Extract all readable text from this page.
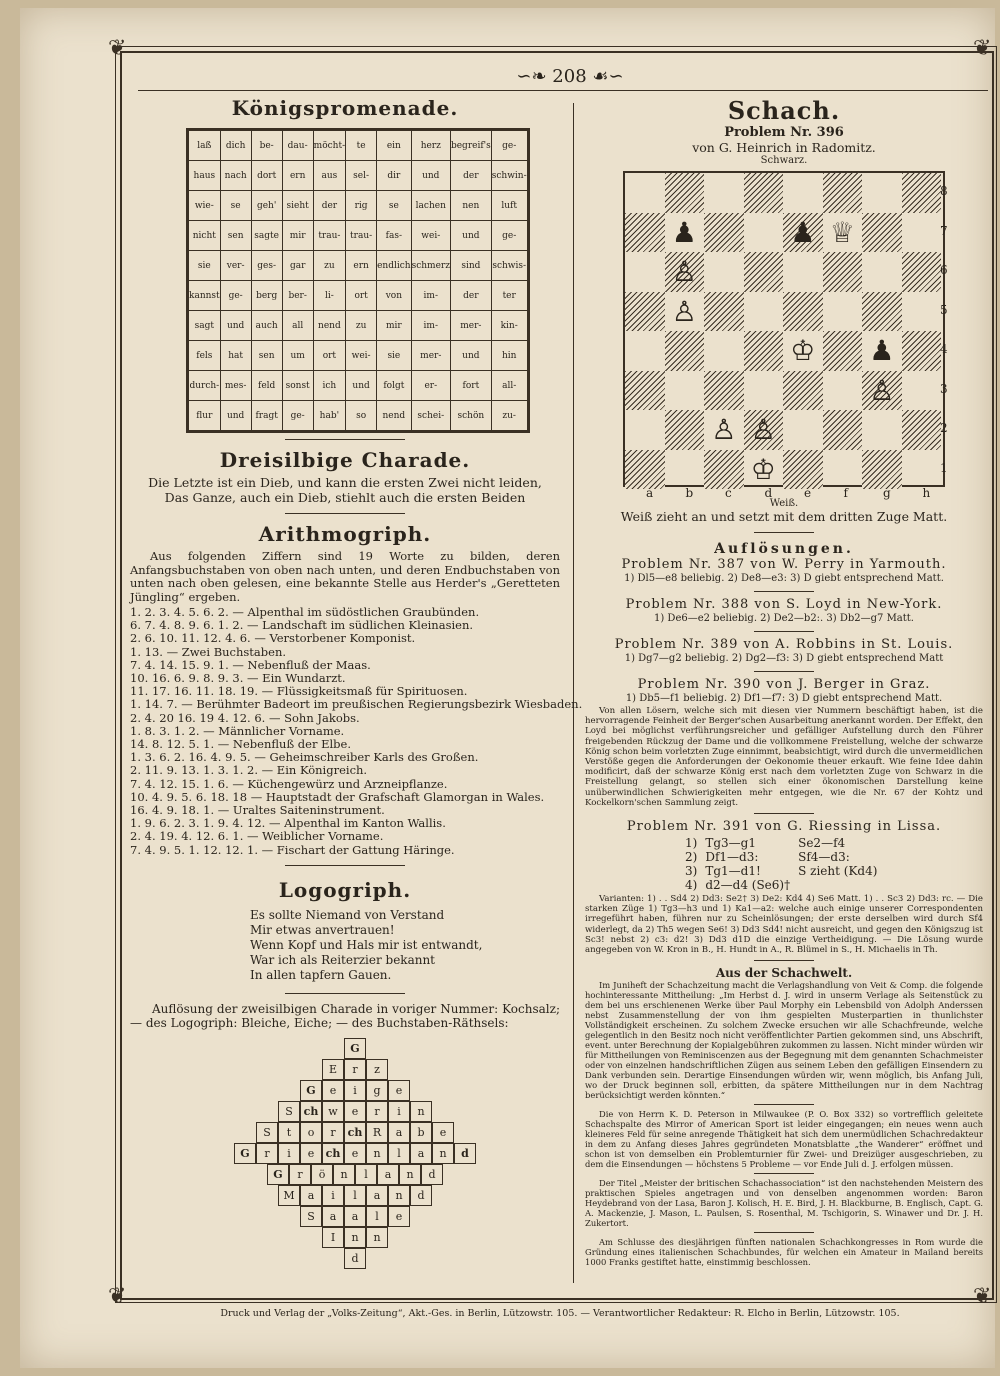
❦	❦
❦	❦
∽❧ 208 ☙∽
Königspromenade.
laß	dich	be-	dau-	möcht-	te	ein	herz	begreif's	ge-
haus	nach	dort	ern	aus	sel-	dir	und	der	schwin-
wie-	se	geh'	sieht	der	rig	se	lachen	nen	luft
nicht	sen	sagte	mir	trau-	trau-	fas-	wei-	und	ge-
sie	ver-	ges-	gar	zu	ern	endlich	schmerz	sind	schwis-
kannst	ge-	berg	ber-	li-	ort	von	im-	der	ter
sagt	und	auch	all	nend	zu	mir	im-	mer-	kin-
fels	hat	sen	um	ort	wei-	sie	mer-	und	hin
durch-	mes-	feld	sonst	ich	und	folgt	er-	fort	all-
flur	und	fragt	ge-	hab'	so	nend	schei-	schön	zu-
Dreisilbige Charade.
Die Letzte ist ein Dieb, und kann die ersten Zwei nicht leiden,
Das Ganze, auch ein Dieb, stiehlt auch die ersten Beiden
Arithmogriph.
Aus folgenden Ziffern sind 19 Worte zu bilden, deren Anfangsbuchstaben von oben nach unten, und deren Endbuchstaben von unten nach oben gelesen, eine bekannte Stelle aus Herder's „Geretteten Jüngling“ ergeben.
1. 2. 3. 4. 5. 6. 2. — Alpenthal im südöstlichen Graubünden.
6. 7. 4. 8. 9. 6. 1. 2. — Landschaft im südlichen Kleinasien.
2. 6. 10. 11. 12. 4. 6. — Verstorbener Komponist.
1. 13. — Zwei Buchstaben.
7. 4. 14. 15. 9. 1. — Nebenfluß der Maas.
10. 16. 6. 9. 8. 9. 3. — Ein Wundarzt.
11. 17. 16. 11. 18. 19. — Flüssigkeitsmaß für Spirituosen.
1. 14. 7. — Berühmter Badeort im preußischen Regierungsbezirk Wiesbaden.
2. 4. 20 16. 19 4. 12. 6. — Sohn Jakobs.
1. 8. 3. 1. 2. — Männlicher Vorname.
14. 8. 12. 5. 1. — Nebenfluß der Elbe.
1. 3. 6. 2. 16. 4. 9. 5. — Geheimschreiber Karls des Großen.
2. 11. 9. 13. 1. 3. 1. 2. — Ein Königreich.
7. 4. 12. 15. 1. 6. — Küchengewürz und Arzneipflanze.
10. 4. 9. 5. 6. 18. 18 — Hauptstadt der Grafschaft Glamorgan in Wales.
16. 4. 9. 18. 1. — Uraltes Saiteninstrument.
1. 9. 6. 2. 3. 1. 9. 4. 12. — Alpenthal im Kanton Wallis.
2. 4. 19. 4. 12. 6. 1. — Weiblicher Vorname.
7. 4. 9. 5. 1. 12. 12. 1. — Fischart der Gattung Häringe.
Logogriph.
Es sollte Niemand von Verstand
Mir etwas anvertrauen!
Wenn Kopf und Hals mir ist entwandt,
War ich als Reiterzier bekannt
In allen tapfern Gauen.
Auflösung der zweisilbigen Charade in voriger Nummer: Kochsalz; — des Logogriph: Bleiche, Eiche; — des Buchstaben-Räthsels:
G
E	r	z
G	e	i	g	e
S ch w	e	r	i	n
S	t	o	r	ch R	a	b	e
G	r	i	e	ch	e	n	l	a	n	d
G	r	ö	n	l	a	n	d
M	a	i	l	a	n	d
S	a	a	l	e
I	n	n
d
Schach.
Problem Nr. 396
von G. Heinrich in Radomitz.
Schwarz.
♟	♟ ♕
♙
♙
♔ ♟
♙
♙ ♙
♔
8
7
6
5
4
3
2
1
a	b	c	d	e	f	g	h
Weiß.
Weiß zieht an und setzt mit dem dritten Zuge Matt.
Auflösungen.
Problem Nr. 387 von W. Perry in Yarmouth.
1) Dl5—e8 beliebig. 2) De8—e3: 3) D giebt entsprechend Matt.
Problem Nr. 388 von S. Loyd in New-York.
1) De6—e2 beliebig. 2) De2—b2:. 3) Db2—g7 Matt.
Problem Nr. 389 von A. Robbins in St. Louis.
1) Dg7—g2 beliebig. 2) Dg2—f3: 3) D giebt entsprechend Matt
Problem Nr. 390 von J. Berger in Graz.
1) Db5—f1 beliebig. 2) Df1—f7: 3) D giebt entsprechend Matt.
Von allen Lösern, welche sich mit diesen vier Nummern beschäftigt haben, ist die hervorragende Feinheit der Berger'schen Ausarbeitung anerkannt worden. Der Effekt, den Loyd bei möglichst verführungsreicher und gefälliger Aufstellung durch den Führer freigebenden Rückzug der Dame und die vollkommene Freistellung, welche der schwarze König schon beim vorletzten Zuge einnimmt, beabsichtigt, wird durch die unvermeidlichen Verstöße gegen die Anforderungen der Oekonomie theuer erkauft. Wie feine Idee dahin modificirt, daß der schwarze König erst nach dem vorletzten Zuge von Schwarz in die Freistellung gelangt, so stellen sich einer ökonomischen Darstellung keine unüberwindlichen Schwierigkeiten mehr entgegen, wie die Nr. 67 der Kohtz und Kockelkorn'schen Sammlung zeigt.
Problem Nr. 391 von G. Riessing in Lissa.
1)	Tg3—g1	Se2—f4
2)	Df1—d3:	Sf4—d3:
3)	Tg1—d1!	S zieht (Kd4)
4)	d2—d4 (Se6)†	
Varianten: 1) . . Sd4 2) Dd3: Se2† 3) De2: Kd4 4) Se6 Matt. 1) . . Sc3 2) Dd3: rc. — Die starken Züge 1) Tg3—h3 und 1) Ka1—a2: welche auch einige unserer Correspondenten irregeführt haben, führen nur zu Scheinlösungen; der erste derselben wird durch Sf4 widerlegt, da 2) Th5 wegen Se6! 3) Dd3 Sd4! nicht ausreicht, und gegen den Königszug ist Sc3! nebst 2) c3: d2! 3) Dd3 d1D die einzige Vertheidigung. — Die Lösung wurde angegeben von W. Kron in B., H. Hundt in A., R. Blümel in S., H. Michaelis in Th.
Aus der Schachwelt.
Im Juniheft der Schachzeitung macht die Verlagshandlung von Veit & Comp. die folgende hochinteressante Mittheilung: „Im Herbst d. J. wird in unserm Verlage als Seitenstück zu dem bei uns erschienenen Werke über Paul Morphy ein Lebensbild von Adolph Anderssen nebst Zusammenstellung der von ihm gespielten Musterpartien in thunlichster Vollständigkeit erscheinen. Zu solchem Zwecke ersuchen wir alle Schachfreunde, welche gelegentlich in den Besitz noch nicht veröffentlichter Partien gekommen sind, uns Abschrift, event. unter Berechnung der Kopialgebühren zukommen zu lassen. Nicht minder würden wir für Mittheilungen von Reminiscenzen aus der Begegnung mit dem genannten Schachmeister oder von einzelnen handschriftlichen Zügen aus seinem Leben den gefälligen Einsendern zu Dank verbunden sein. Derartige Einsendungen würden wir, wenn möglich, bis Anfang Juli, wo der Druck beginnen soll, erbitten, da spätere Mittheilungen nur in dem Nachtrag berücksichtigt werden könnten.“
Die von Herrn K. D. Peterson in Milwaukee (P. O. Box 332) so vortrefflich geleitete Schachspalte des Mirror of American Sport ist leider eingegangen; ein neues wenn auch kleineres Feld für seine anregende Thätigkeit hat sich dem unermüdlichen Schachredakteur in dem zu Anfang dieses Jahres gegründeten Monatsblatte „the Wanderer“ eröffnet und schon ist von demselben ein Problemturnier für Zwei- und Dreizüger ausgeschrieben, zu dem die Einsendungen — höchstens 5 Probleme — vor Ende Juli d. J. erfolgen müssen.
Der Titel „Meister der britischen Schachassociation“ ist den nachstehenden Meistern des praktischen Spieles angetragen und von denselben angenommen worden: Baron Heydebrand von der Lasa, Baron J. Kolisch, H. E. Bird, J. H. Blackburne, B. Englisch, Capt. G. A. Mackenzie, J. Mason, L. Paulsen, S. Rosenthal, M. Tschigorin, S. Winawer und Dr. J. H. Zukertort.
Am Schlusse des diesjährigen fünften nationalen Schachkongresses in Rom wurde die Gründung eines italienischen Schachbundes, für welchen ein Amateur in Mailand bereits 1000 Franks gestiftet hatte, einstimmig beschlossen.
Druck und Verlag der „Volks-Zeitung“, Akt.-Ges. in Berlin, Lützowstr. 105. — Verantwortlicher Redakteur: R. Elcho in Berlin, Lützowstr. 105.
